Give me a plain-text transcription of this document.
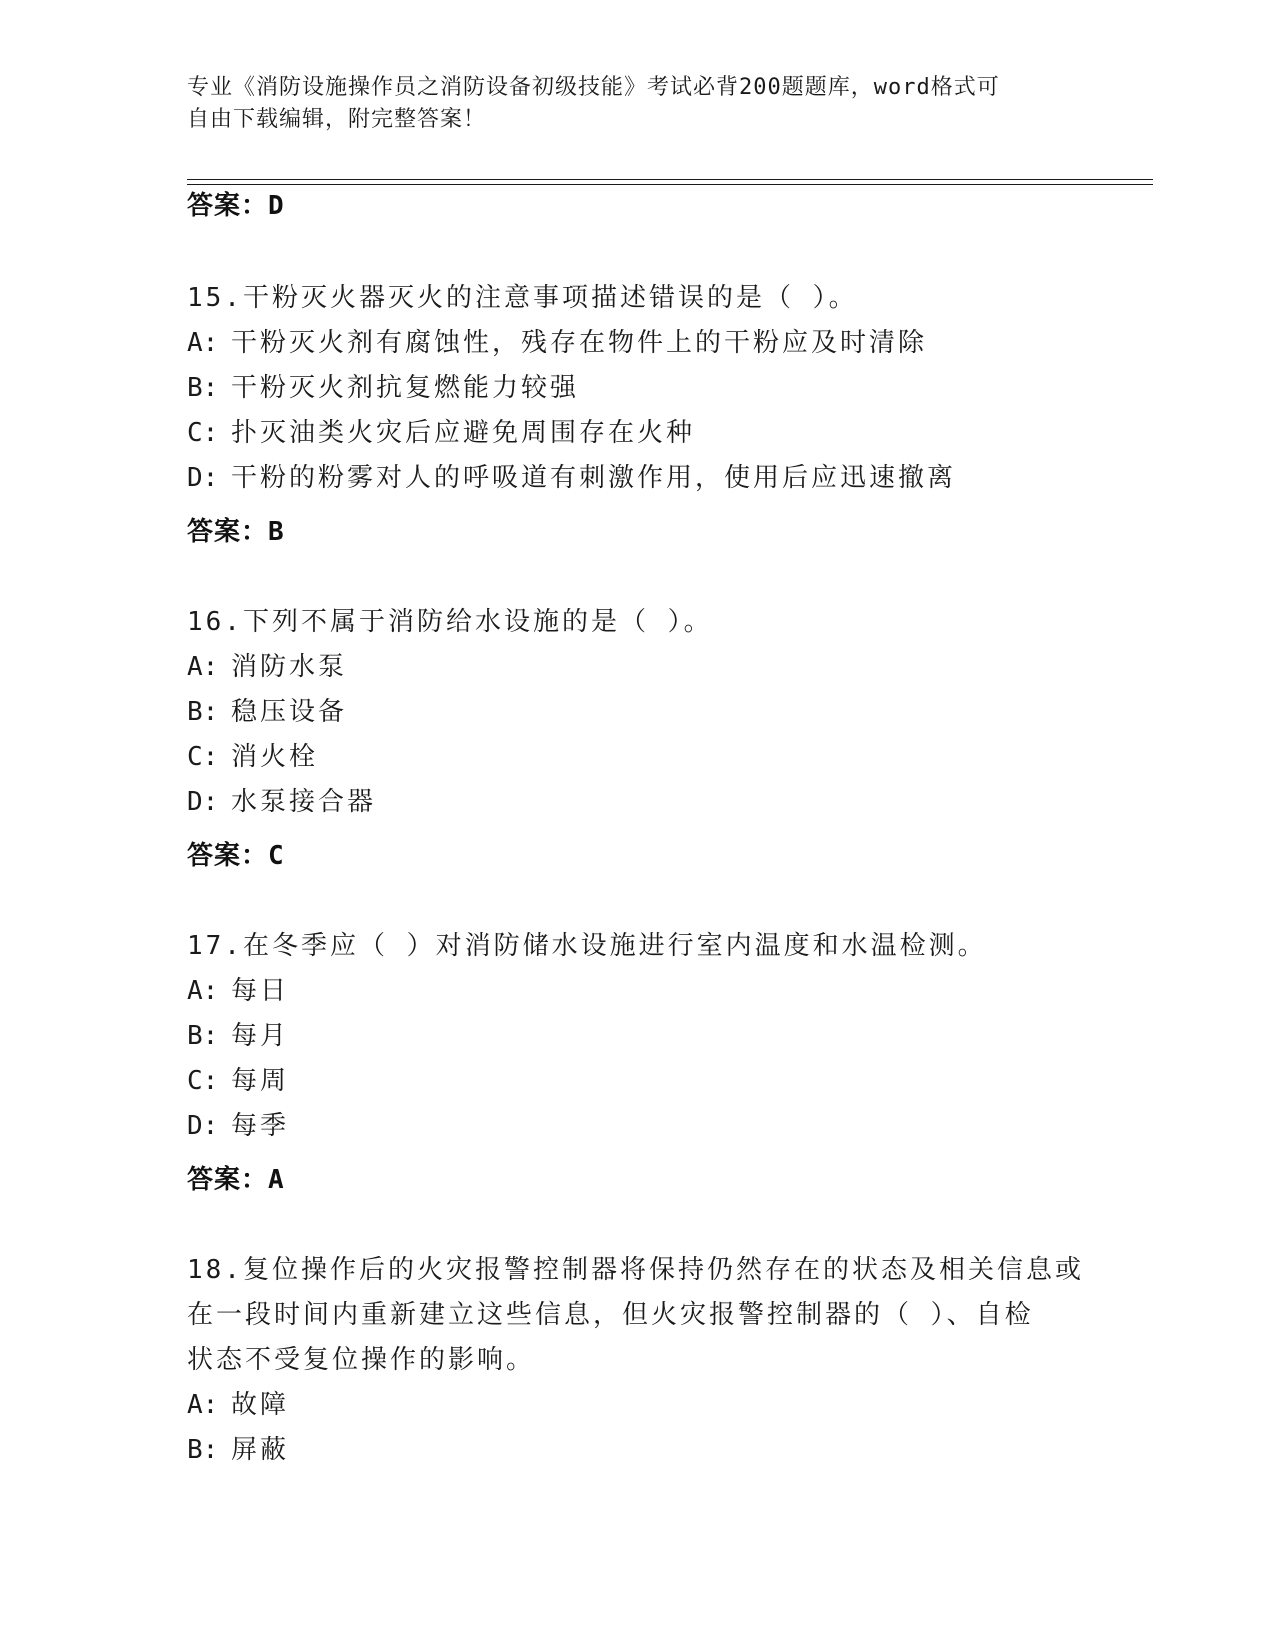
专业《消防设施操作员之消防设备初级技能》考试必背200题题库，word格式可
自由下载编辑，附完整答案！
答案：D
15.干粉灭火器灭火的注意事项描述错误的是（ ）。
A: 干粉灭火剂有腐蚀性，残存在物件上的干粉应及时清除
B: 干粉灭火剂抗复燃能力较强
C: 扑灭油类火灾后应避免周围存在火种
D: 干粉的粉雾对人的呼吸道有刺激作用，使用后应迅速撤离
答案：B
16.下列不属于消防给水设施的是（ ）。
A: 消防水泵
B: 稳压设备
C: 消火栓
D: 水泵接合器
答案：C
17.在冬季应（ ）对消防储水设施进行室内温度和水温检测。
A: 每日
B: 每月
C: 每周
D: 每季
答案：A
18.复位操作后的火灾报警控制器将保持仍然存在的状态及相关信息或
在一段时间内重新建立这些信息，但火灾报警控制器的（ ）、自检
状态不受复位操作的影响。
A: 故障
B: 屏蔽
